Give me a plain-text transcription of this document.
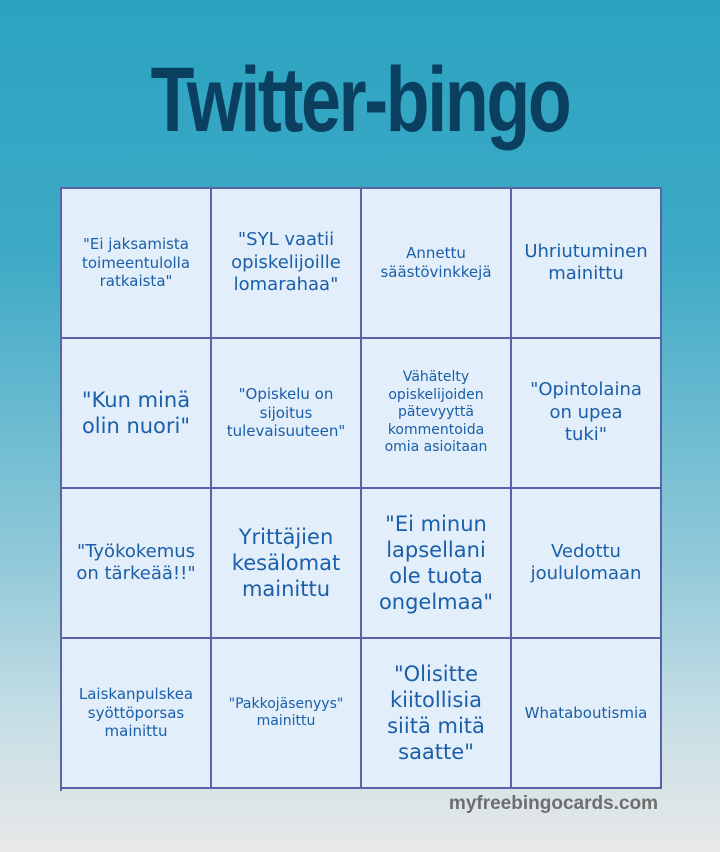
Twitter-bingo
"Ei jaksamista
toimeentulolla
ratkaista"
"SYL vaatii
opiskelijoille
lomarahaa"
Annettu
säästövinkkejä
Uhriutuminen
mainittu
"Kun minä
olin nuori"
"Opiskelu on
sijoitus
tulevaisuuteen"
Vähätelty
opiskelijoiden
pätevyyttä
kommentoida
omia asioitaan
"Opintolaina
on upea
tuki"
"Työkokemus
on tärkeää!!"
Yrittäjien
kesälomat
mainittu
"Ei minun
lapsellani
ole tuota
ongelmaa"
Vedottu
joululomaan
Laiskanpulskea
syöttöporsas
mainittu
"Pakkojäsenyys"
mainittu
"Olisitte
kiitollisia
siitä mitä
saatte"
Whataboutismia
myfreebingocards.com
